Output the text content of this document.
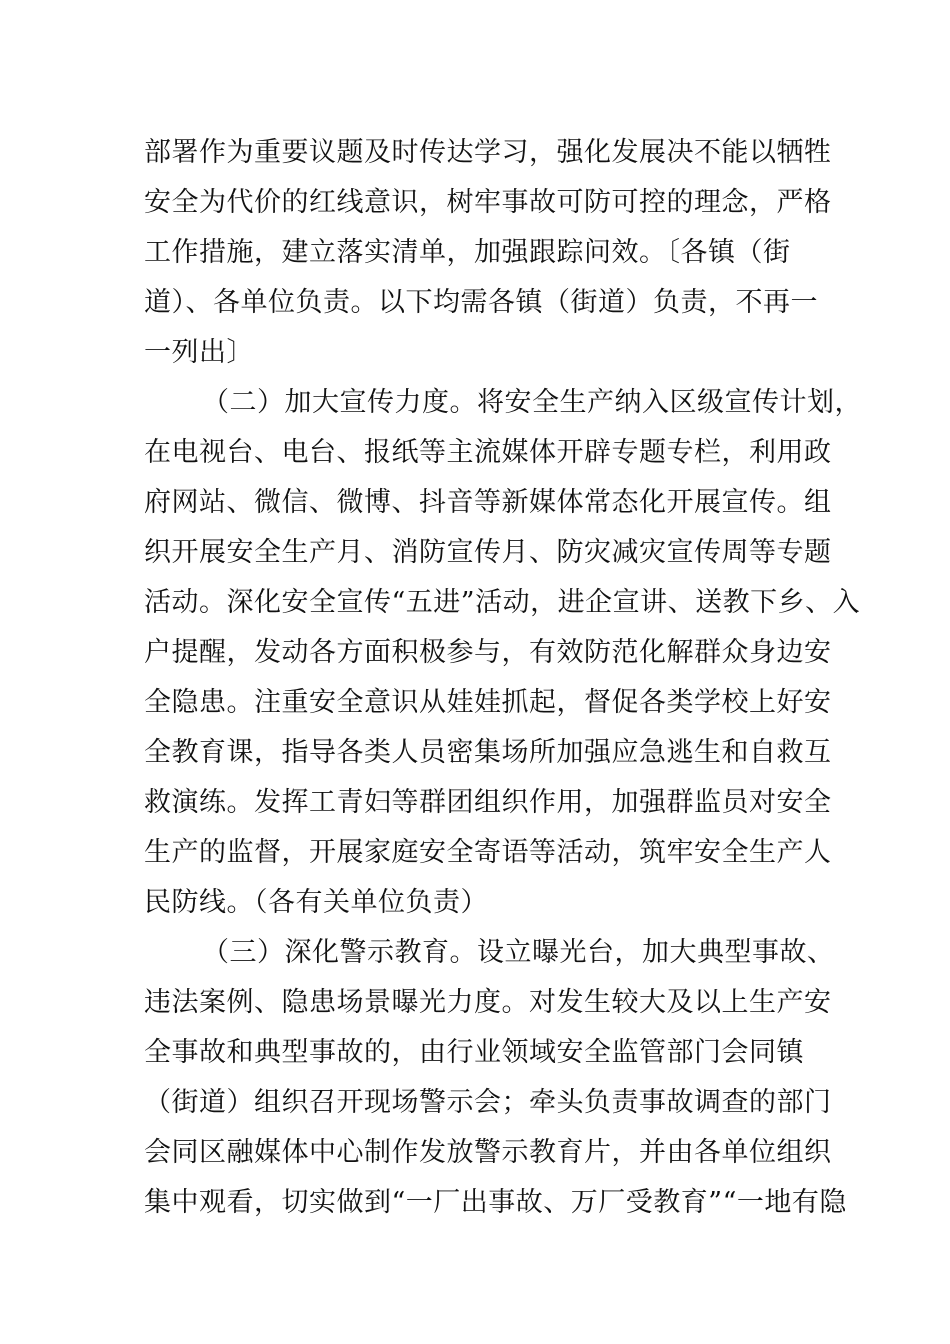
部署作为重要议题及时传达学习，强化发展决不能以牺牲
安全为代价的红线意识，树牢事故可防可控的理念，严格
工作措施，建立落实清单，加强跟踪问效。〔各镇（街
道）、各单位负责。以下均需各镇（街道）负责，不再一
一列出〕
（二）加大宣传力度。将安全生产纳入区级宣传计划，
在电视台、电台、报纸等主流媒体开辟专题专栏，利用政
府网站、微信、微博、抖音等新媒体常态化开展宣传。组
织开展安全生产月、消防宣传月、防灾减灾宣传周等专题
活动。深化安全宣传“五进”活动，进企宣讲、送教下乡、入
户提醒，发动各方面积极参与，有效防范化解群众身边安
全隐患。注重安全意识从娃娃抓起，督促各类学校上好安
全教育课，指导各类人员密集场所加强应急逃生和自救互
救演练。发挥工青妇等群团组织作用，加强群监员对安全
生产的监督，开展家庭安全寄语等活动，筑牢安全生产人
民防线。（各有关单位负责）
（三）深化警示教育。设立曝光台，加大典型事故、
违法案例、隐患场景曝光力度。对发生较大及以上生产安
全事故和典型事故的，由行业领域安全监管部门会同镇
（街道）组织召开现场警示会；牵头负责事故调查的部门
会同区融媒体中心制作发放警示教育片，并由各单位组织
集中观看，切实做到“一厂出事故、万厂受教育”“一地有隐
